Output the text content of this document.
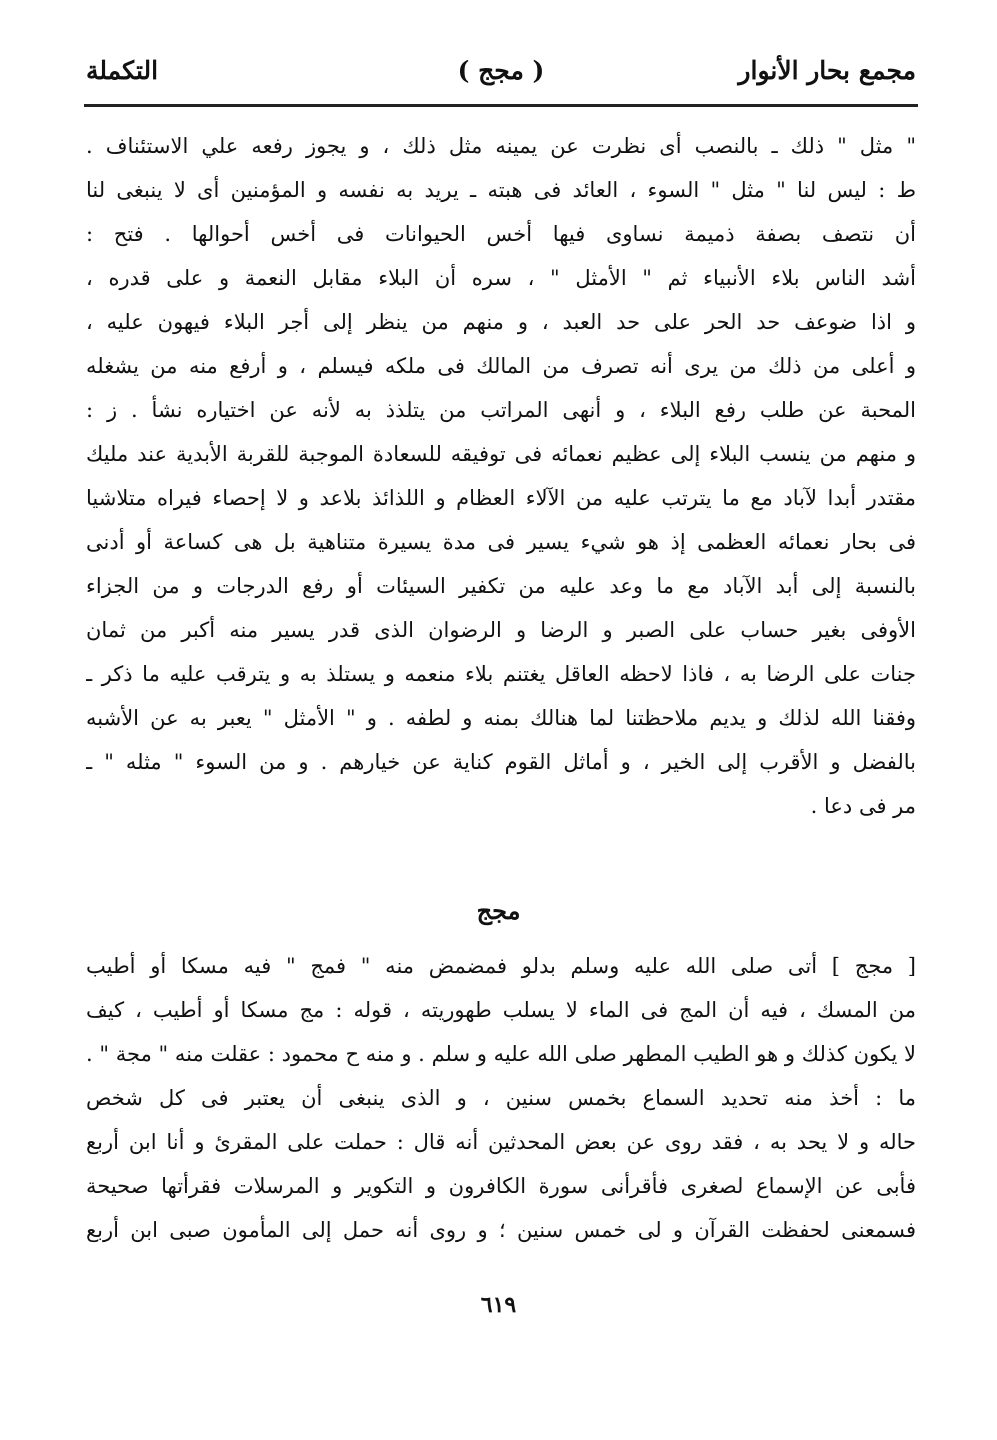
مجمع بحار الأنوار
( مجج )
التكملة
" مثل " ذلك ـ بالنصب أى نظرت عن يمينه مثل ذلك ، و يجوز رفعه علي الاستئناف .
ط : ليس لنا " مثل " السوء ، العائد فى هبته ـ يريد به نفسه و المؤمنين أى لا ينبغى لنا
أن نتصف بصفة ذميمة نساوى فيها أخس الحيوانات فى أخس أحوالها . فتح :
أشد الناس بلاء الأنبياء ثم " الأمثل " ، سره أن البلاء مقابل النعمة و على قدره ،
و اذا ضوعف حد الحر على حد العبد ، و منهم من ينظر إلى أجر البلاء فيهون عليه ،
و أعلى من ذلك من يرى أنه تصرف من المالك فى ملكه فيسلم ، و أرفع منه من يشغله
المحبة عن طلب رفع البلاء ، و أنهى المراتب من يتلذذ به لأنه عن اختياره نشأ . ز :
و منهم من ينسب البلاء إلى عظيم نعمائه فى توفيقه للسعادة الموجبة للقربة الأبدية عند مليك
مقتدر أبدا لآباد مع ما يترتب عليه من الآلاء العظام و اللذائذ بلاعد و لا إحصاء فيراه متلاشيا
فى بحار نعمائه العظمى إذ هو شيء يسير فى مدة يسيرة متناهية بل هى كساعة أو أدنى
بالنسبة إلى أبد الآباد مع ما وعد عليه من تكفير السيئات أو رفع الدرجات و من الجزاء
الأوفى بغير حساب على الصبر و الرضا و الرضوان الذى قدر يسير منه أكبر من ثمان
جنات على الرضا به ، فاذا لاحظه العاقل يغتنم بلاء منعمه و يستلذ به و يترقب عليه ما ذكر ـ
وفقنا الله لذلك و يديم ملاحظتنا لما هنالك بمنه و لطفه . و " الأمثل " يعبر به عن الأشبه
بالفضل و الأقرب إلى الخير ، و أماثل القوم كناية عن خيارهم . و من السوء " مثله " ـ
مر فى دعا .
مجج
[ مجج ] أتى صلى الله عليه وسلم بدلو فمضمض منه " فمج " فيه مسكا أو أطيب
من المسك ، فيه أن المج فى الماء لا يسلب طهوريته ، قوله : مج مسكا أو أطيب ، كيف
لا يكون كذلك و هو الطيب المطهر صلى الله عليه و سلم . و منه ح محمود : عقلت منه " مجة " .
ما : أخذ منه تحديد السماع بخمس سنين ، و الذى ينبغى أن يعتبر فى كل شخص
حاله و لا يحد به ، فقد روى عن بعض المحدثين أنه قال : حملت على المقرئ و أنا ابن أربع
فأبى عن الإسماع لصغرى فأقرأنى سورة الكافرون و التكوير و المرسلات فقرأتها صحيحة
فسمعنى لحفظت القرآن و لى خمس سنين ؛ و روى أنه حمل إلى المأمون صبى ابن أربع
٦١٩
